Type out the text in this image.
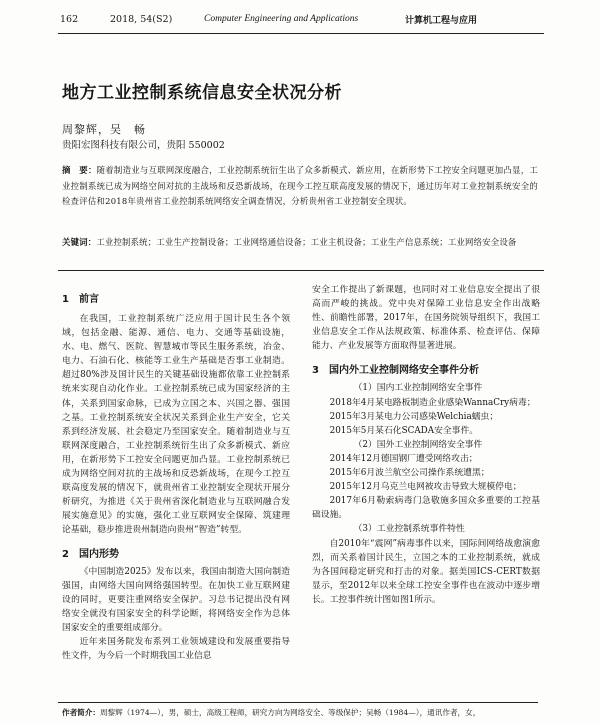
162	2018, 54(S2)	Computer Engineering and Applications	计算机工程与应用
地方工业控制系统信息安全状况分析
周黎辉，吴　畅
贵阳宏图科技有限公司，贵阳 550002
摘　要：随着制造业与互联网深度融合，工业控制系统衍生出了众多新模式、新应用，在新形势下工控安全问题更加凸显，工业控制系统已成为网络空间对抗的主战场和反恐新战场，在现今工控互联高度发展的情况下，通过历年对工业控制系统安全的检查评估和2018年贵州省工业控制系统网络安全调查情况，分析贵州省工业控制安全现状。
关键词：工业控制系统；工业生产控制设备；工业网络通信设备；工业主机设备；工业生产信息系统；工业网络安全设备
1　前言

在我国，工业控制系统广泛应用于国计民生各个领域，包括金融、能源、通信、电力、交通等基础设施，水、电、燃气、医院、智慧城市等民生服务系统，冶金、电力、石油石化、核能等工业生产基础是否事工业制造。超过80%涉及国计民生的关键基础设施都依靠工业控制系统来实现自动化作业。工业控制系统已成为国家经济的主体，关系到国家命脉，已成为立国之本、兴国之器、强国之基。工业控制系统安全状况关系到企业生产安全，它关系到经济发展、社会稳定乃至国家安全。随着制造业与互联网深度融合，工业控制系统衍生出了众多新模式、新应用，在新形势下工控安全问题更加凸显。工业控制系统已成为网络空间对抗的主战场和反恐新战场，在现今工控互联高度发展的情况下，就贵州省工业控制安全现状开展分析研究，为推进《关于贵州省深化制造业与互联网融合发展实施意见》的实施，强化工业互联网安全保障、筑建理论基础，稳步推进贵州制造向贵州“智造”转型。

2　国内形势

《中国制造2025》发布以来，我国由制造大国向制造强国，由网络大国向网络强国转型。在加快工业互联网建设的同时，更要注重网络安全保护。习总书记提出没有网络安全就没有国家安全的科学论断，将网络安全作为总体国家安全的重要组成部分。

近年来国务院发布系列工业领域建设和发展重要指导性文件，为今后一个时期我国工业信息

安全工作提出了新课题，也同时对工业信息安全提出了很高而严峻的挑战。党中央对保障工业信息安全作出战略性、前瞻性部署，2017年，在国务院领导组织下，我国工业信息安全工作从法规政策、标准体系、检查评估、保障能力、产业发展等方面取得显著进展。

3　国内外工业控制网络安全事件分析

（1）国内工业控制网络安全事件

2018年4月某电路板制造企业感染WannaCry病毒；

2015年3月某电力公司感染Welchia蠕虫；

2015年5月某石化SCADA安全事件。

（2）国外工业控制网络安全事件

2014年12月德国钢厂遭受网络攻击；

2015年6月波兰航空公司操作系统遭黑；

2015年12月乌克兰电网被攻击导致大规模停电；

2017年6月勒索病毒门急敬施多国众多重要的工控基础设施。

（3）工业控制系统事件特性

自2010年“震网”病毒事件以来，国际间网络战愈演愈烈，而关系着国计民生，立国之本的工业控制系统，就成为各国间稳定研究和打击的对象。据美国ICS-CERT数据显示，至2012年以来全球工控安全事件也在波动中逐步增长。工控事件统计图如图1所示。

作者简介：周黎辉（1974—），男，硕士，高级工程师，研究方向为网络安全、等级保护；吴畅（1984—），通讯作者，女，
